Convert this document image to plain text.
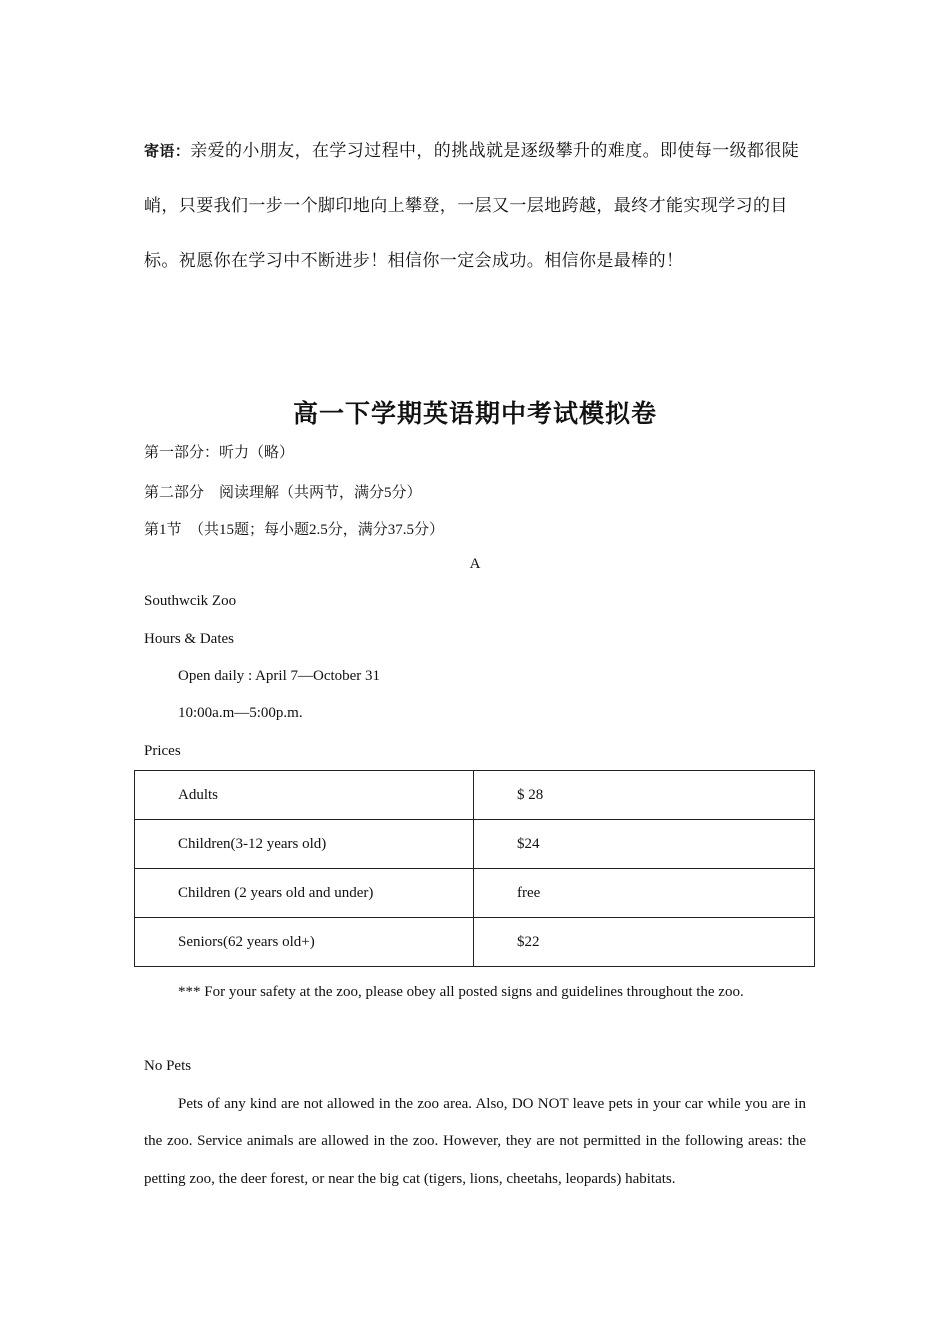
寄语：亲爱的小朋友，在学习过程中，的挑战就是逐级攀升的难度。即使每一级都很陡峭，只要我们一步一个脚印地向上攀登，一层又一层地跨越，最终才能实现学习的目标。祝愿你在学习中不断进步！相信你一定会成功。相信你是最棒的！
高一下学期英语期中考试模拟卷
第一部分：听力（略）
第二部分　阅读理解（共两节，满分5分）
第1节　（共15题；每小题2.5分，满分37.5分）
A
Southwcik Zoo
Hours & Dates
Open daily : April 7—October 31
10:00a.m—5:00p.m.
Prices
Adults	$ 28
Children(3-12 years old)	$24
Children (2 years old and under)	free
Seniors(62 years old+)	$22
*** For your safety at the zoo, please obey all posted signs and guidelines throughout the zoo.
No Pets
Pets of any kind are not allowed in the zoo area. Also, DO NOT leave pets in your car while you are in the zoo. Service animals are allowed in the zoo. However, they are not permitted in the following areas: the petting zoo, the deer forest, or near the big cat (tigers, lions, cheetahs, leopards) habitats.
